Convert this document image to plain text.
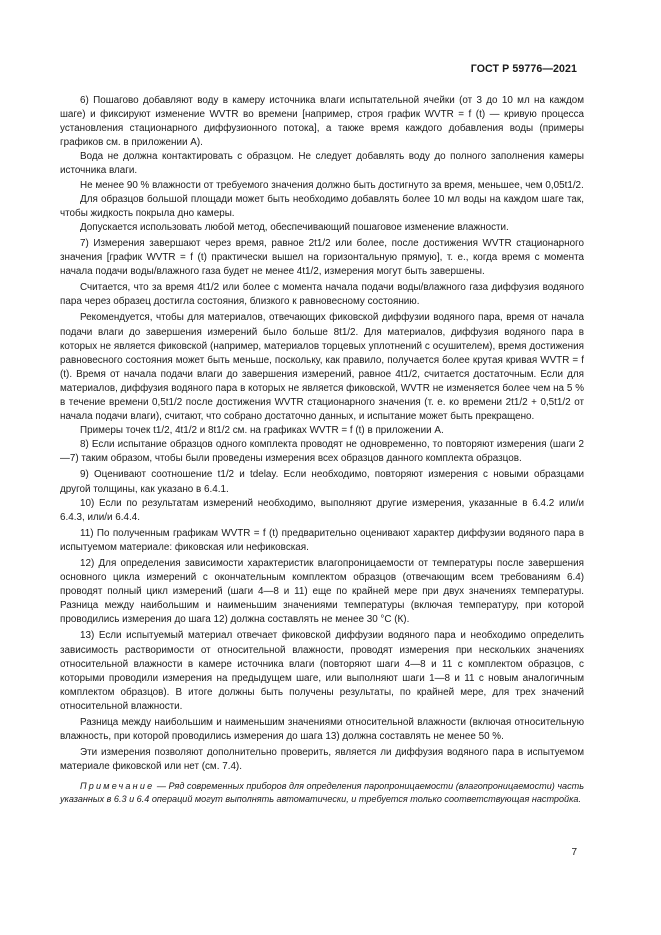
ГОСТ Р 59776—2021

6) Пошагово добавляют воду в камеру источника влаги испытательной ячейки (от 3 до 10 мл на каждом шаге) и фиксируют изменение WVTR во времени [например, строя график WVTR = f (t) — кривую процесса установления стационарного диффузионного потока], а также время каждого добавления воды (примеры графиков см. в приложении А).

Вода не должна контактировать с образцом. Не следует добавлять воду до полного заполнения камеры источника влаги.

Не менее 90 % влажности от требуемого значения должно быть достигнуто за время, меньшее, чем 0,05t1/2.

Для образцов большой площади может быть необходимо добавлять более 10 мл воды на каждом шаге так, чтобы жидкость покрыла дно камеры.

Допускается использовать любой метод, обеспечивающий пошаговое изменение влажности.

7) Измерения завершают через время, равное 2t1/2 или более, после достижения WVTR стационарного значения [график WVTR = f (t) практически вышел на горизонтальную прямую], т. е., когда время с момента начала подачи воды/влажного газа будет не менее 4t1/2, измерения могут быть завершены.

Считается, что за время 4t1/2 или более с момента начала подачи воды/влажного газа диффузия водяного пара через образец достигла состояния, близкого к равновесному состоянию.

Рекомендуется, чтобы для материалов, отвечающих фиковской диффузии водяного пара, время от начала подачи влаги до завершения измерений было больше 8t1/2. Для материалов, диффузия водяного пара в которых не является фиковской (например, материалов торцевых уплотнений с осушителем), время достижения равновесного состояния может быть меньше, поскольку, как правило, получается более крутая кривая WVTR = f (t). Время от начала подачи влаги до завершения измерений, равное 4t1/2, считается достаточным. Если для материалов, диффузия водяного пара в которых не является фиковской, WVTR не изменяется более чем на 5 % в течение времени 0,5t1/2 после достижения WVTR стационарного значения (т. е. ко времени 2t1/2 + 0,5t1/2 от начала подачи влаги), считают, что собрано достаточно данных, и испытание может быть прекращено.

Примеры точек t1/2, 4t1/2 и 8t1/2 см. на графиках WVTR = f (t) в приложении А.

8) Если испытание образцов одного комплекта проводят не одновременно, то повторяют измерения (шаги 2—7) таким образом, чтобы были проведены измерения всех образцов данного комплекта образцов.

9) Оценивают соотношение t1/2 и tdelay. Если необходимо, повторяют измерения с новыми образцами другой толщины, как указано в 6.4.1.

10) Если по результатам измерений необходимо, выполняют другие измерения, указанные в 6.4.2 или/и 6.4.3, или/и 6.4.4.

11) По полученным графикам WVTR = f (t) предварительно оценивают характер диффузии водяного пара в испытуемом материале: фиковская или нефиковская.

12) Для определения зависимости характеристик влагопроницаемости от температуры после завершения основного цикла измерений с окончательным комплектом образцов (отвечающим всем требованиям 6.4) проводят полный цикл измерений (шаги 4—8 и 11) еще по крайней мере при двух значениях температуры. Разница между наибольшим и наименьшим значениями температуры (включая температуру, при которой проводились измерения до шага 12) должна составлять не менее 30 °С (К).

13) Если испытуемый материал отвечает фиковской диффузии водяного пара и необходимо определить зависимость растворимости от относительной влажности, проводят измерения при нескольких значениях относительной влажности в камере источника влаги (повторяют шаги 4—8 и 11 с комплектом образцов, с которыми проводили измерения на предыдущем шаге, или выполняют шаги 1—8 и 11 с новым аналогичным комплектом образцов). В итоге должны быть получены результаты, по крайней мере, для трех значений относительной влажности.

Разница между наибольшим и наименьшим значениями относительной влажности (включая относительную влажность, при которой проводились измерения до шага 13) должна составлять не менее 50 %.

Эти измерения позволяют дополнительно проверить, является ли диффузия водяного пара в испытуемом материале фиковской или нет (см. 7.4).

Примечание — Ряд современных приборов для определения паропроницаемости (влагопроницаемости) часть указанных в 6.3 и 6.4 операций могут выполнять автоматически, и требуется только соответствующая настройка.

7
